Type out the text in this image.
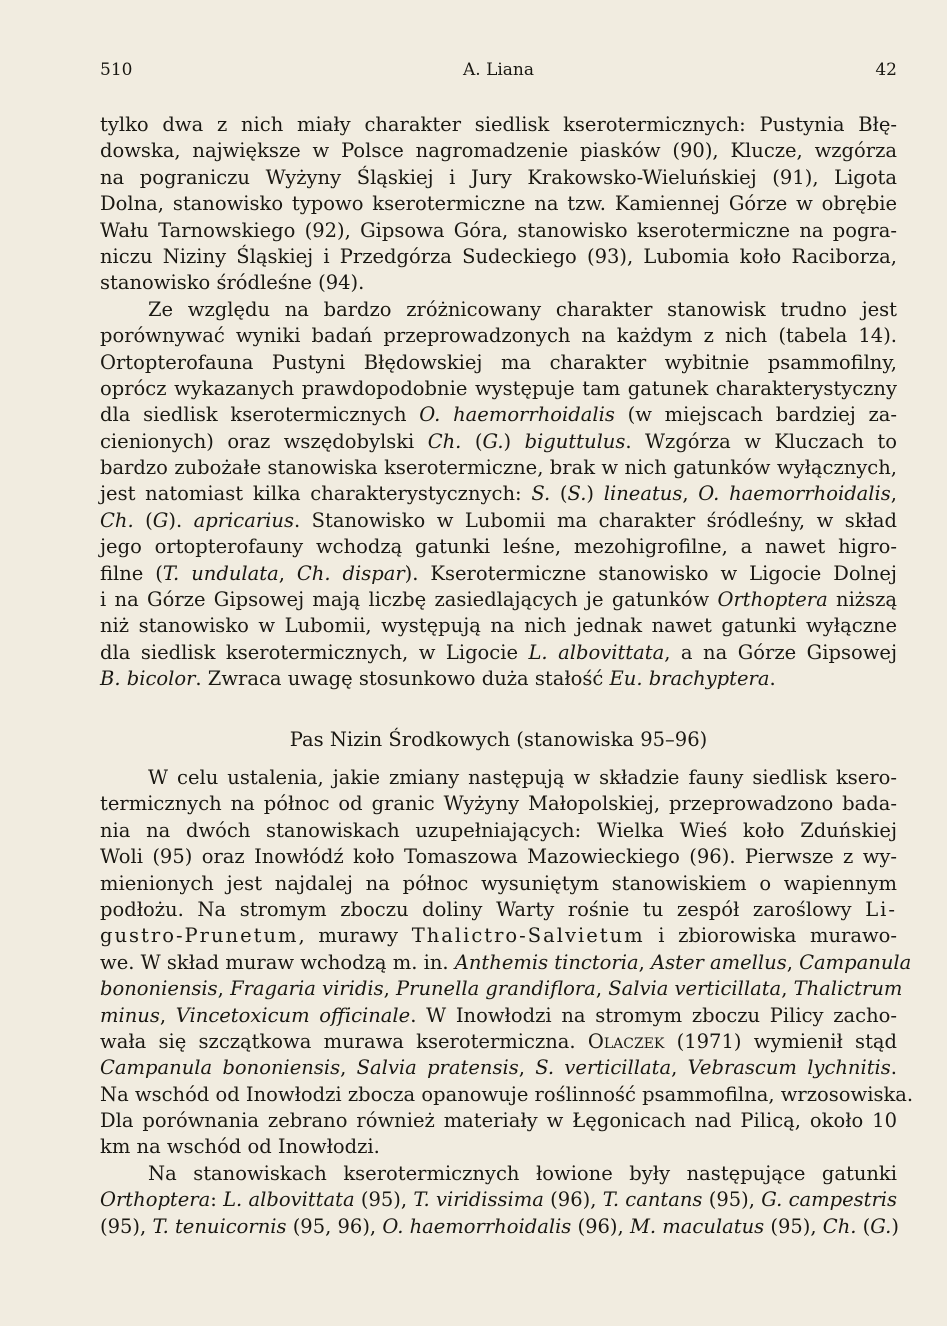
510	A. Liana	42
tylko dwa z nich miały charakter siedlisk kserotermicznych: Pustynia Błę-
dowska, największe w Polsce nagromadzenie piasków (90), Klucze, wzgórza
na pograniczu Wyżyny Śląskiej i Jury Krakowsko-Wieluńskiej (91), Ligota
Dolna, stanowisko typowo kserotermiczne na tzw. Kamiennej Górze w obrębie
Wału Tarnowskiego (92), Gipsowa Góra, stanowisko kserotermiczne na pogra-
niczu Niziny Śląskiej i Przedgórza Sudeckiego (93), Lubomia koło Raciborza,
stanowisko śródleśne (94).
Ze względu na bardzo zróżnicowany charakter stanowisk trudno jest
porównywać wyniki badań przeprowadzonych na każdym z nich (tabela 14).
Ortopterofauna Pustyni Błędowskiej ma charakter wybitnie psammofilny,
oprócz wykazanych prawdopodobnie występuje tam gatunek charakterystyczny
dla siedlisk kserotermicznych O. haemorrhoidalis (w miejscach bardziej za-
cienionych) oraz wszędobylski Ch. (G.) biguttulus. Wzgórza w Kluczach to
bardzo zubożałe stanowiska kserotermiczne, brak w nich gatunków wyłącznych,
jest natomiast kilka charakterystycznych: S. (S.) lineatus, O. haemorrhoidalis,
Ch. (G). apricarius. Stanowisko w Lubomii ma charakter śródleśny, w skład
jego ortopterofauny wchodzą gatunki leśne, mezohigrofilne, a nawet higro-
filne (T. undulata, Ch. dispar). Kserotermiczne stanowisko w Ligocie Dolnej
i na Górze Gipsowej mają liczbę zasiedlających je gatunków Orthoptera niższą
niż stanowisko w Lubomii, występują na nich jednak nawet gatunki wyłączne
dla siedlisk kserotermicznych, w Ligocie L. albovittata, a na Górze Gipsowej
B. bicolor. Zwraca uwagę stosunkowo duża stałość Eu. brachyptera.
Pas Nizin Środkowych (stanowiska 95–96)
W celu ustalenia, jakie zmiany następują w składzie fauny siedlisk ksero-
termicznych na północ od granic Wyżyny Małopolskiej, przeprowadzono bada-
nia na dwóch stanowiskach uzupełniających: Wielka Wieś koło Zduńskiej
Woli (95) oraz Inowłódź koło Tomaszowa Mazowieckiego (96). Pierwsze z wy-
mienionych jest najdalej na północ wysuniętym stanowiskiem o wapiennym
podłożu. Na stromym zboczu doliny Warty rośnie tu zespół zaroślowy Li-
gustro-Prunetum, murawy Thalictro-Salvietum i zbiorowiska murawo-
we. W skład muraw wchodzą m. in. Anthemis tinctoria, Aster amellus, Campanula
bononiensis, Fragaria viridis, Prunella grandiflora, Salvia verticillata, Thalictrum
minus, Vincetoxicum officinale. W Inowłodzi na stromym zboczu Pilicy zacho-
wała się szczątkowa murawa kserotermiczna. Olaczek (1971) wymienił stąd
Campanula bononiensis, Salvia pratensis, S. verticillata, Vebrascum lychnitis.
Na wschód od Inowłodzi zbocza opanowuje roślinność psammofilna, wrzosowiska.
Dla porównania zebrano również materiały w Łęgonicach nad Pilicą, około 10
km na wschód od Inowłodzi.
Na stanowiskach kserotermicznych łowione były następujące gatunki
Orthoptera: L. albovittata (95), T. viridissima (96), T. cantans (95), G. campestris
(95), T. tenuicornis (95, 96), O. haemorrhoidalis (96), M. maculatus (95), Ch. (G.)
